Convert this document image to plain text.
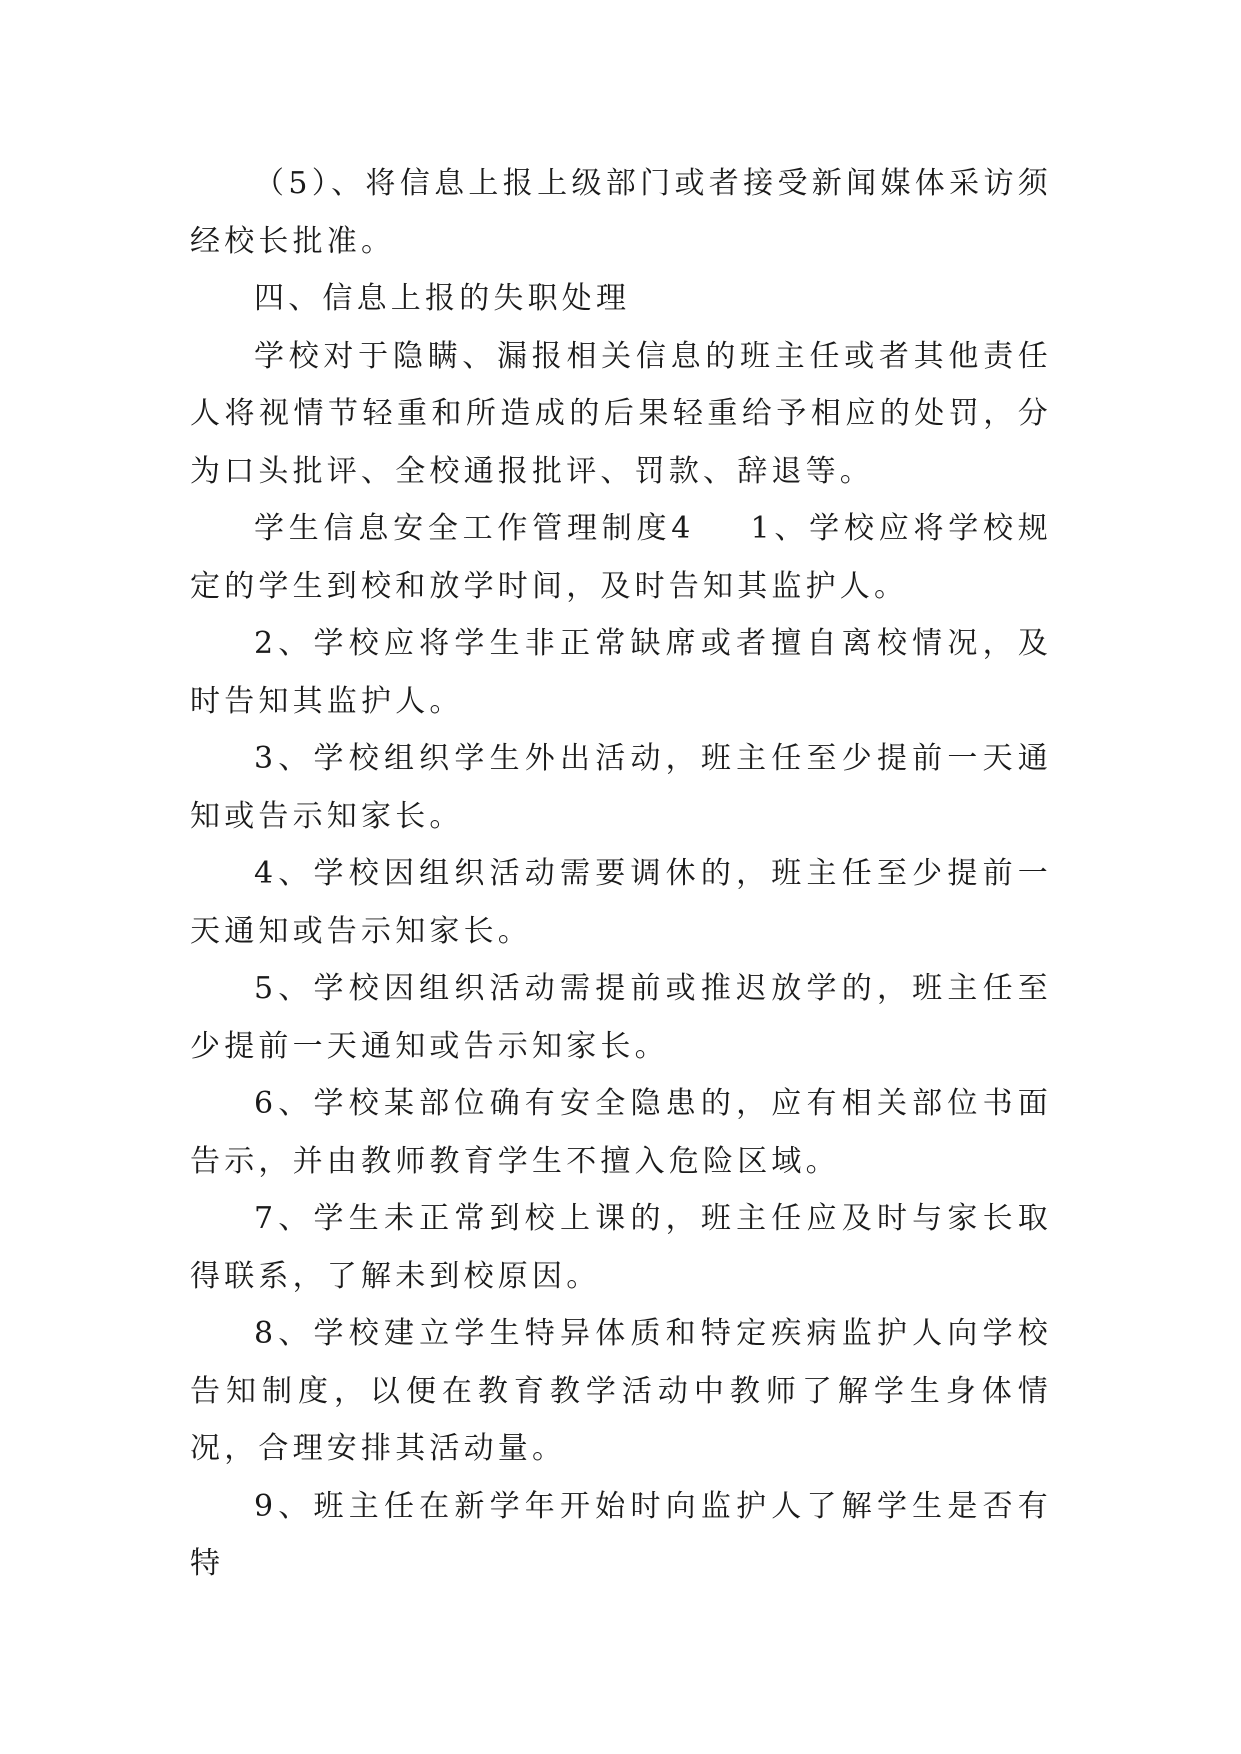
（5）、将信息上报上级部门或者接受新闻媒体采访须经校长批准。

四、信息上报的失职处理

学校对于隐瞒、漏报相关信息的班主任或者其他责任人将视情节轻重和所造成的后果轻重给予相应的处罚，分为口头批评、全校通报批评、罚款、辞退等。

学生信息安全工作管理制度4 1、学校应将学校规定的学生到校和放学时间，及时告知其监护人。

2、学校应将学生非正常缺席或者擅自离校情况，及时告知其监护人。

3、学校组织学生外出活动，班主任至少提前一天通知或告示知家长。

4、学校因组织活动需要调休的，班主任至少提前一天通知或告示知家长。

5、学校因组织活动需提前或推迟放学的，班主任至少提前一天通知或告示知家长。

6、学校某部位确有安全隐患的，应有相关部位书面告示，并由教师教育学生不擅入危险区域。

7、学生未正常到校上课的，班主任应及时与家长取得联系，了解未到校原因。

8、学校建立学生特异体质和特定疾病监护人向学校告知制度，以便在教育教学活动中教师了解学生身体情况，合理安排其活动量。

9、班主任在新学年开始时向监护人了解学生是否有特
